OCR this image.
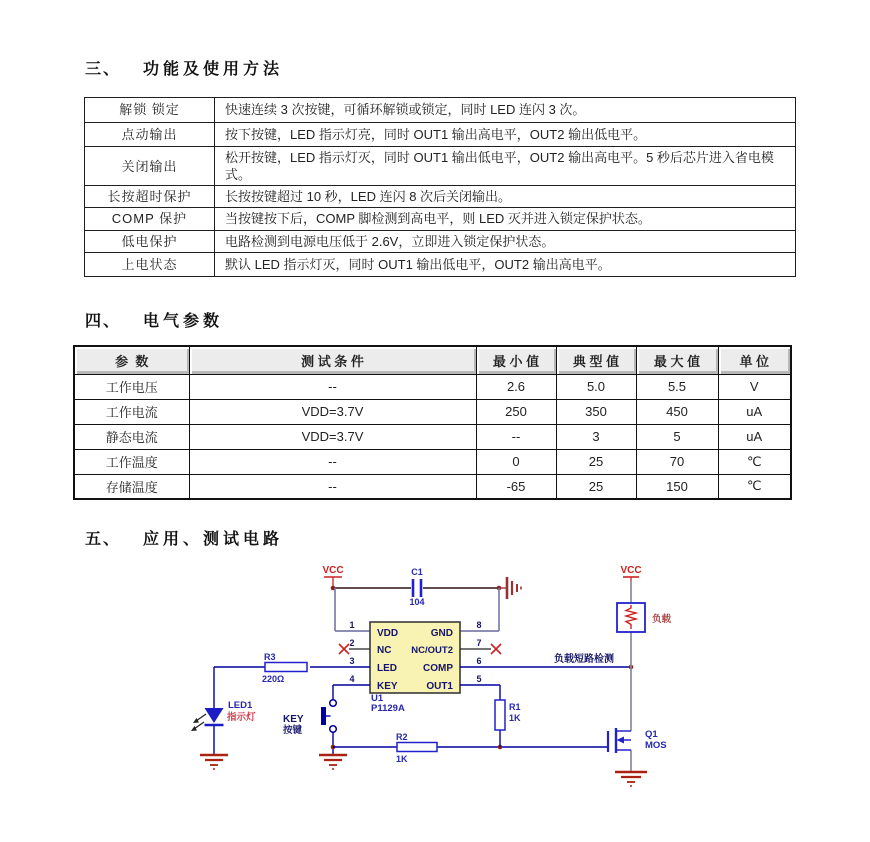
三、 功能及使用方法
解锁 锁定	快速连续 3 次按键，可循环解锁或锁定，同时 LED 连闪 3 次。
点动输出	按下按键，LED 指示灯亮，同时 OUT1 输出高电平，OUT2 输出低电平。
关闭输出	松开按键，LED 指示灯灭，同时 OUT1 输出低电平，OUT2 输出高电平。5 秒后芯片进入省电模式。
长按超时保护	长按按键超过 10 秒，LED 连闪 8 次后关闭输出。
COMP 保护	当按键按下后，COMP 脚检测到高电平，则 LED 灭并进入锁定保护状态。
低电保护	电路检测到电源电压低于 2.6V，立即进入锁定保护状态。
上电状态	默认 LED 指示灯灭，同时 OUT1 输出低电平，OUT2 输出高电平。
四、 电气参数
参  数	测 试 条 件	最 小 值	典 型 值	最 大 值	单 位
工作电压	--	2.6	5.0	5.5	V
工作电流	VDD=3.7V	250	350	450	uA
静态电流	VDD=3.7V	--	3	5	uA
工作温度	--	0	25	70	℃
存储温度	--	-65	25	150	℃
五、 应用、测试电路
VCC	C1
104
VDD
NC
LED
KEY
GND
NC/OUT2
COMP
OUT1
1
2
3
4
8
7
6
5
U1
P1129A
R3
220Ω
LED1
指示灯	KEY
按键
R2
1K
R1
1K
负载短路检测
VCC
负载
Q1
MOS
